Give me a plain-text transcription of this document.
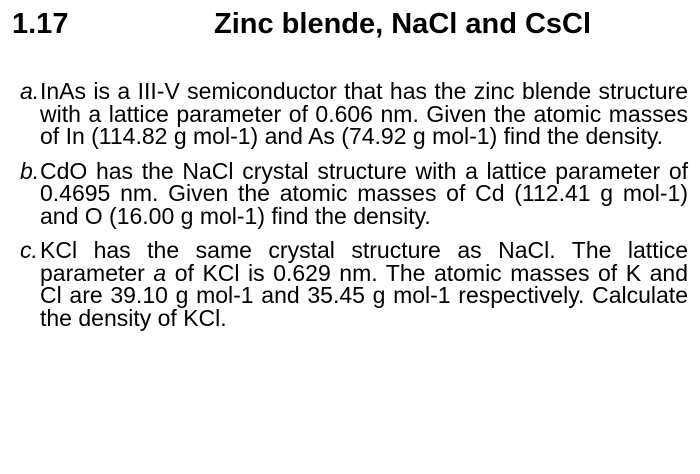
1.17	Zinc blende, NaCl and CsCl
a. InAs is a III-V semiconductor that has the zinc blende structure with a lattice parameter of 0.606 nm. Given the atomic masses of In (114.82 g mol-1) and As (74.92 g mol-1) find the density.

b. CdO has the NaCl crystal structure with a lattice parameter of 0.4695 nm. Given the atomic masses of Cd (112.41 g mol-1) and O (16.00 g mol-1) find the density.

c. KCl has the same crystal structure as NaCl. The lattice parameter a of KCl is 0.629 nm. The atomic masses of K and Cl are 39.10 g mol-1 and 35.45 g mol-1 respectively. Calculate the density of KCl.
